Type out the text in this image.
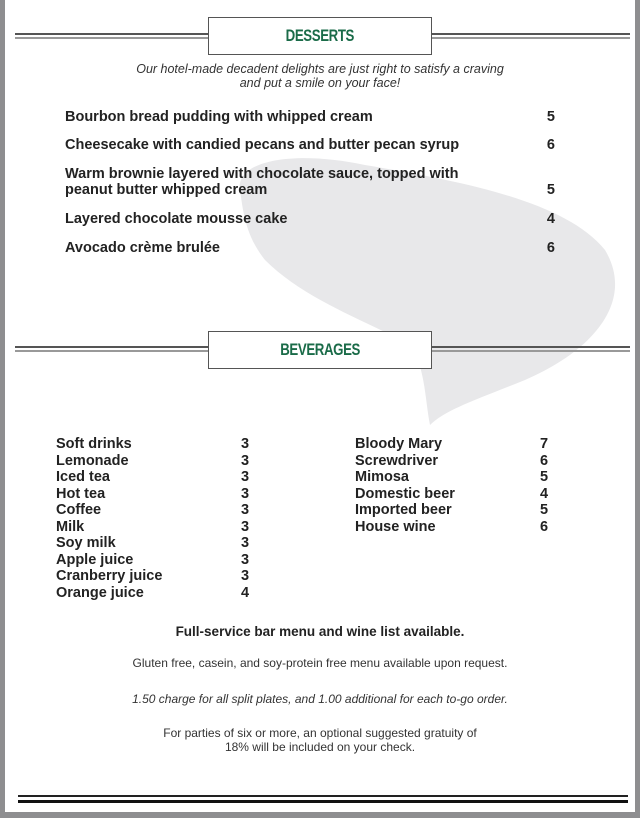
DESSERTS
Our hotel-made decadent delights are just right to satisfy a craving
and put a smile on your face!
Bourbon bread pudding with whipped cream	5
Cheesecake with candied pecans and butter pecan syrup	6
Warm brownie layered with chocolate sauce, topped with peanut butter whipped cream	5
Layered chocolate mousse cake	4
Avocado crème brulée	6
BEVERAGES
Soft drinks	3
Lemonade	3
Iced tea	3
Hot tea	3
Coffee	3
Milk	3
Soy milk	3
Apple juice	3
Cranberry juice	3
Orange juice	4
Bloody Mary	7
Screwdriver	6
Mimosa	5
Domestic beer	4
Imported beer	5
House wine	6
Full-service bar menu and wine list available.
Gluten free, casein, and soy-protein free menu available upon request.
1.50 charge for all split plates, and 1.00 additional for each to-go order.
For parties of six or more, an optional suggested gratuity of
18% will be included on your check.
